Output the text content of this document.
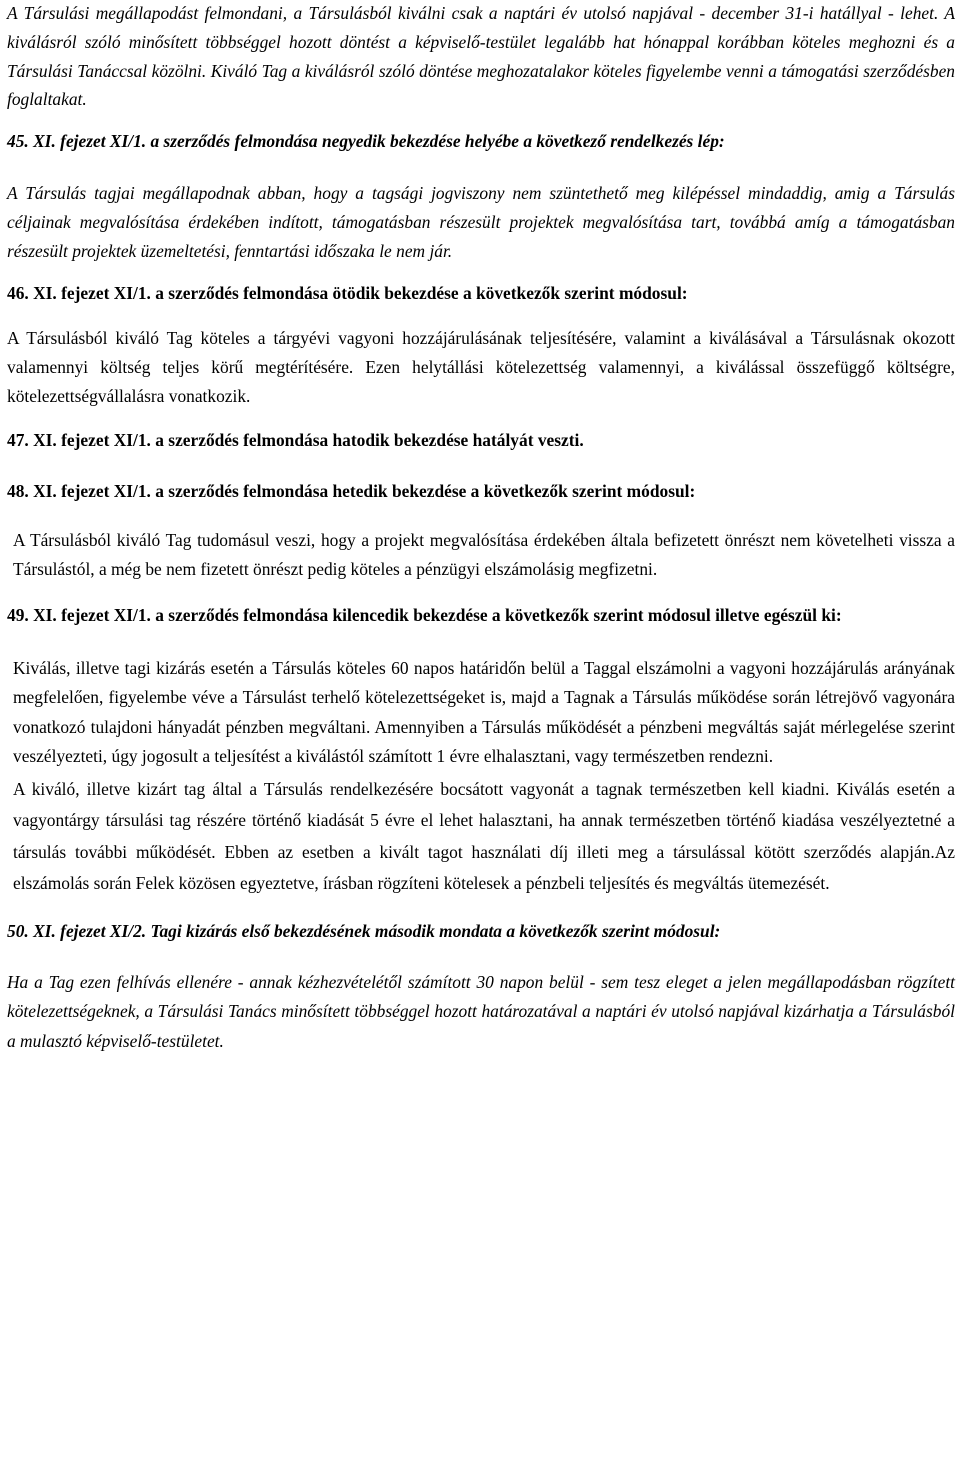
A Társulási megállapodást felmondani, a Társulásból kiválni csak a naptári év utolsó napjával - december 31-i hatállyal - lehet. A kiválásról szóló minősített többséggel hozott döntést a képviselő-testület legalább hat hónappal korábban köteles meghozni és a Társulási Tanáccsal közölni. Kiváló Tag a kiválásról szóló döntése meghozatalakor köteles figyelembe venni a támogatási szerződésben foglaltakat.

45. XI. fejezet XI/1. a szerződés felmondása negyedik bekezdése helyébe a következő rendelkezés lép:

A Társulás tagjai megállapodnak abban, hogy a tagsági jogviszony nem szüntethető meg kilépéssel mindaddig, amig a Társulás céljainak megvalósítása érdekében indított, támogatásban részesült projektek megvalósítása tart, továbbá amíg a támogatásban részesült projektek üzemeltetési, fenntartási időszaka le nem jár.

46. XI. fejezet XI/1. a szerződés felmondása ötödik bekezdése a következők szerint módosul:

A Társulásból kiváló Tag köteles a tárgyévi vagyoni hozzájárulásának teljesítésére, valamint a kiválásával a Társulásnak okozott valamennyi költség teljes körű megtérítésére. Ezen helytállási kötelezettség valamennyi, a kiválással összefüggő költségre, kötelezettségvállalásra vonatkozik.

47. XI. fejezet XI/1. a szerződés felmondása hatodik bekezdése hatályát veszti.

48. XI. fejezet XI/1. a szerződés felmondása hetedik bekezdése a következők szerint módosul:

A Társulásból kiváló Tag tudomásul veszi, hogy a projekt megvalósítása érdekében általa befizetett önrészt nem követelheti vissza a Társulástól, a még be nem fizetett önrészt pedig köteles a pénzügyi elszámolásig megfizetni.

49. XI. fejezet XI/1. a szerződés felmondása kilencedik bekezdése a következők szerint módosul illetve egészül ki:

Kiválás, illetve tagi kizárás esetén a Társulás köteles 60 napos határidőn belül a Taggal elszámolni a vagyoni hozzájárulás arányának megfelelően, figyelembe véve a Társulást terhelő kötelezettségeket is, majd a Tagnak a Társulás működése során létrejövő vagyonára vonatkozó tulajdoni hányadát pénzben megváltani. Amennyiben a Társulás működését a pénzbeni megváltás saját mérlegelése szerint veszélyezteti, úgy jogosult a teljesítést a kiválástól számított 1 évre elhalasztani, vagy természetben rendezni.

A kiváló, illetve kizárt tag által a Társulás rendelkezésére bocsátott vagyonát a tagnak természetben kell kiadni. Kiválás esetén a vagyontárgy társulási tag részére történő kiadását 5 évre el lehet halasztani, ha annak természetben történő kiadása veszélyeztetné a társulás további működését. Ebben az esetben a kivált tagot használati díj illeti meg a társulással kötött szerződés alapján.Az elszámolás során Felek közösen egyeztetve, írásban rögzíteni kötelesek a pénzbeli teljesítés és megváltás ütemezését.

50. XI. fejezet XI/2. Tagi kizárás első bekezdésének második mondata a következők szerint módosul:

Ha a Tag ezen felhívás ellenére - annak kézhezvételétől számított 30 napon belül - sem tesz eleget a jelen megállapodásban rögzített kötelezettségeknek, a Társulási Tanács minősített többséggel hozott határozatával a naptári év utolsó napjával kizárhatja a Társulásból a mulasztó képviselő-testületet.
